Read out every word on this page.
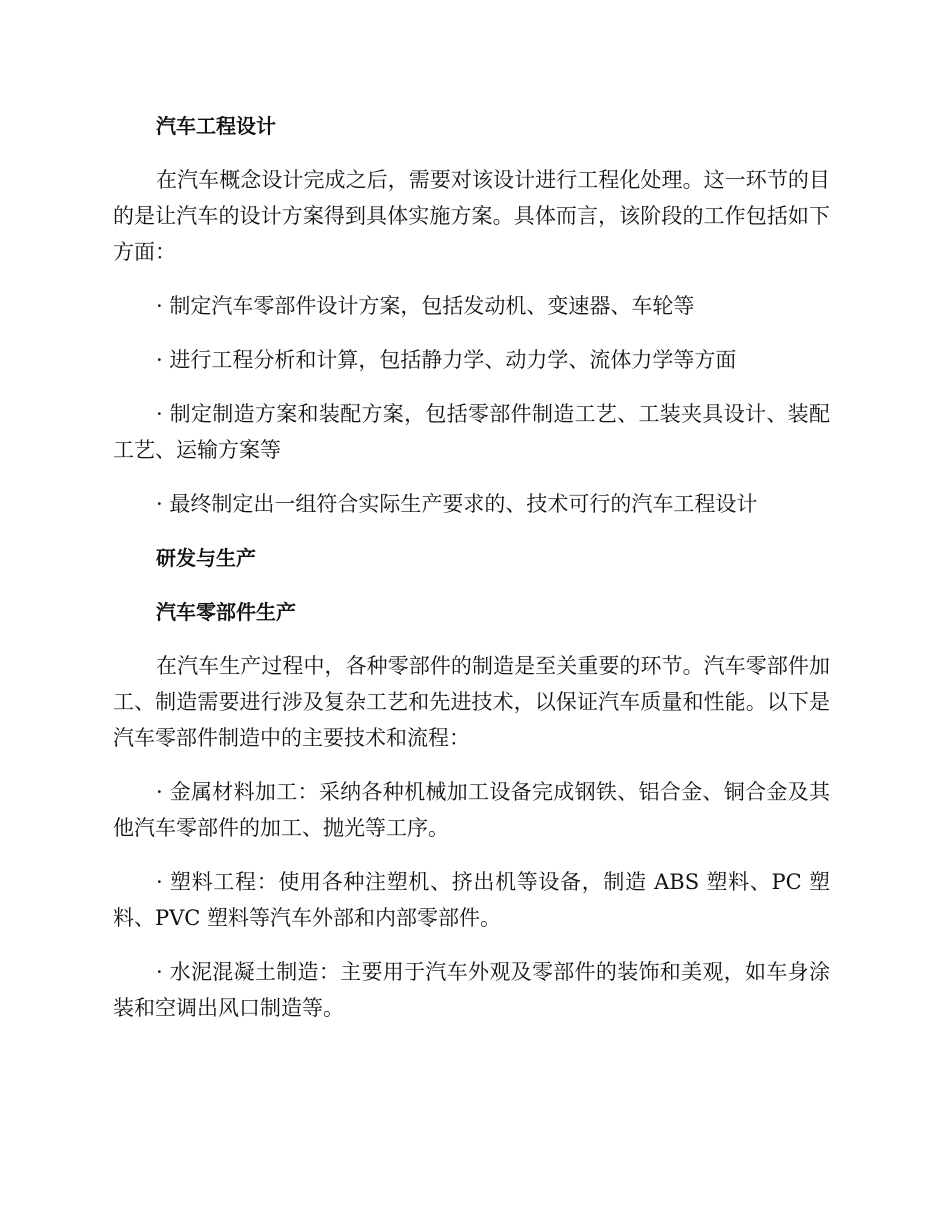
汽车工程设计
在汽车概念设计完成之后，需要对该设计进行工程化处理。这一环节的目的是让汽车的设计方案得到具体实施方案。具体而言，该阶段的工作包括如下方面：
· 制定汽车零部件设计方案，包括发动机、变速器、车轮等
· 进行工程分析和计算，包括静力学、动力学、流体力学等方面
· 制定制造方案和装配方案，包括零部件制造工艺、工装夹具设计、装配工艺、运输方案等
· 最终制定出一组符合实际生产要求的、技术可行的汽车工程设计
研发与生产
汽车零部件生产
在汽车生产过程中，各种零部件的制造是至关重要的环节。汽车零部件加工、制造需要进行涉及复杂工艺和先进技术，以保证汽车质量和性能。以下是汽车零部件制造中的主要技术和流程：
· 金属材料加工：采纳各种机械加工设备完成钢铁、铝合金、铜合金及其他汽车零部件的加工、抛光等工序。
· 塑料工程：使用各种注塑机、挤出机等设备，制造 ABS 塑料、PC 塑料、PVC 塑料等汽车外部和内部零部件。
· 水泥混凝土制造：主要用于汽车外观及零部件的装饰和美观，如车身涂装和空调出风口制造等。
